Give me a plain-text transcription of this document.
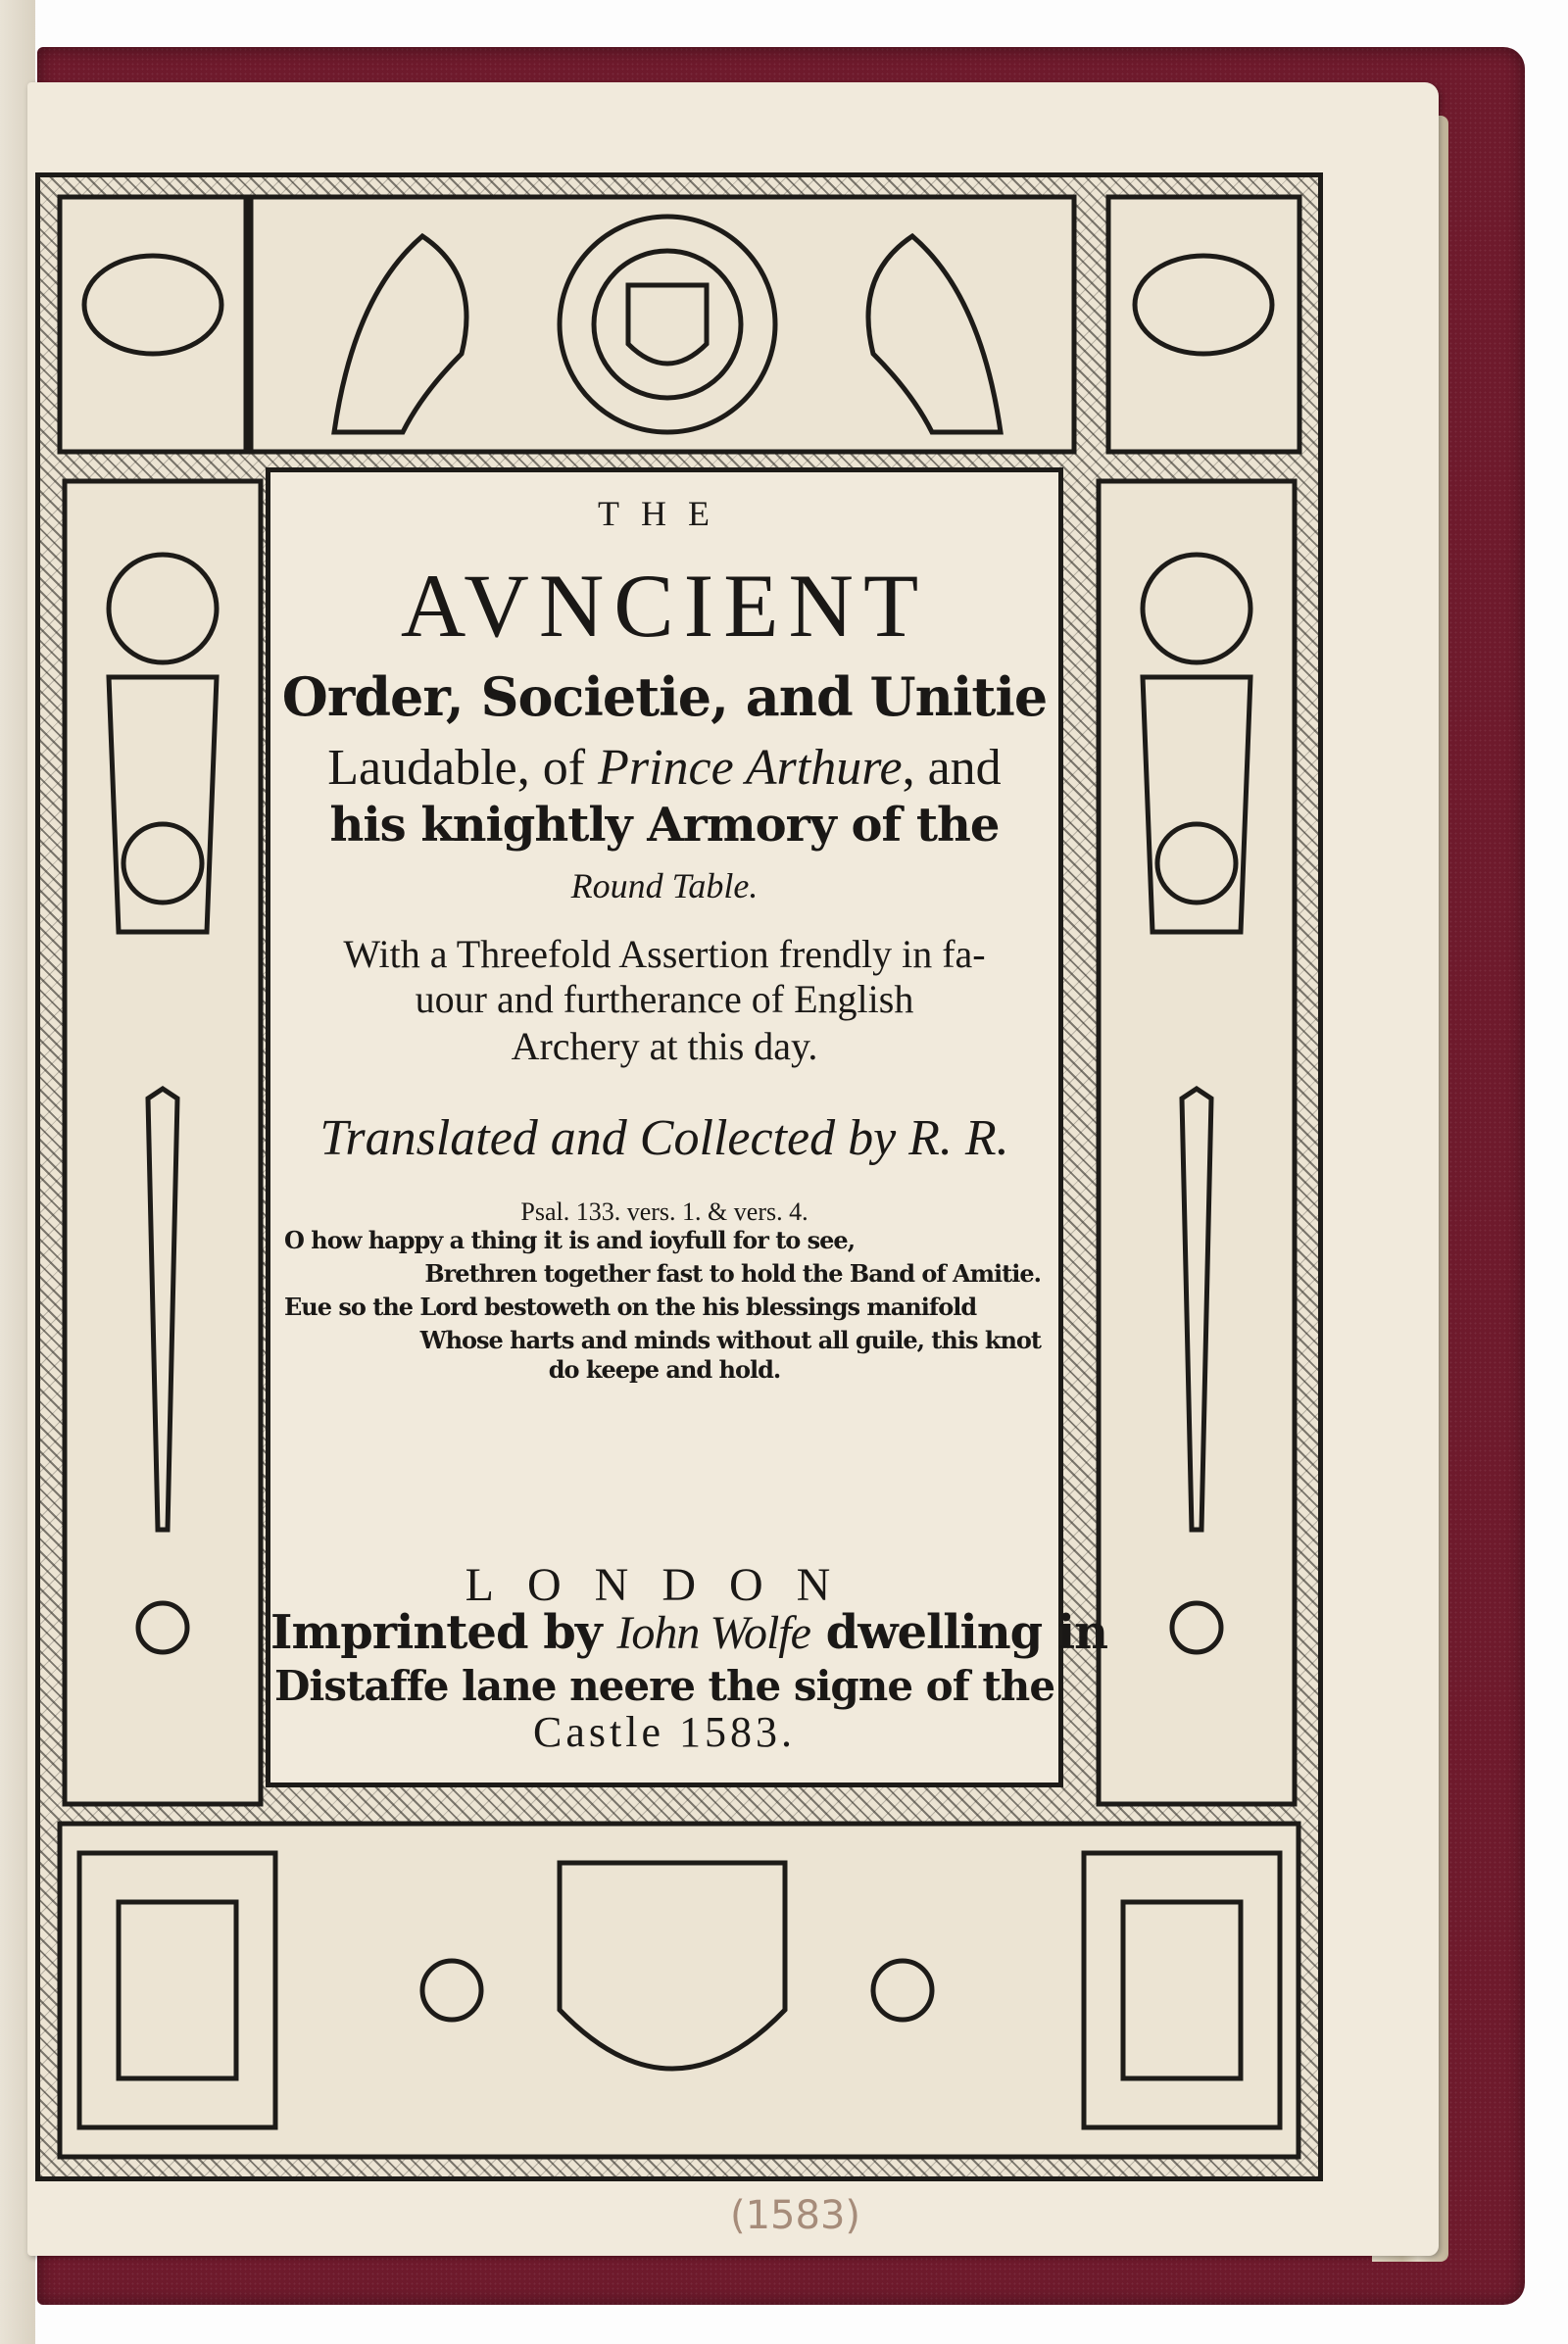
THE
AVNCIENT
Order, Societie, and Unitie
Laudable, of Prince Arthure, and
his knightly Armory of the
Round Table.
With a Threefold Assertion frendly in fa-
uour and furtherance of English
Archery at this day.
Translated and Collected by R. R.
Psal. 133. vers. 1. & vers. 4.
O how happy a thing it is and ioyfull for to see,
Brethren together fast to hold the Band of Amitie.
Eue so the Lord bestoweth on the his blessings manifold
Whose harts and minds without all guile, this knot
do keepe and hold.
LONDON
Imprinted by Iohn Wolfe dwelling in
Distaffe lane neere the signe of the
Castle 1583.
(1583)
